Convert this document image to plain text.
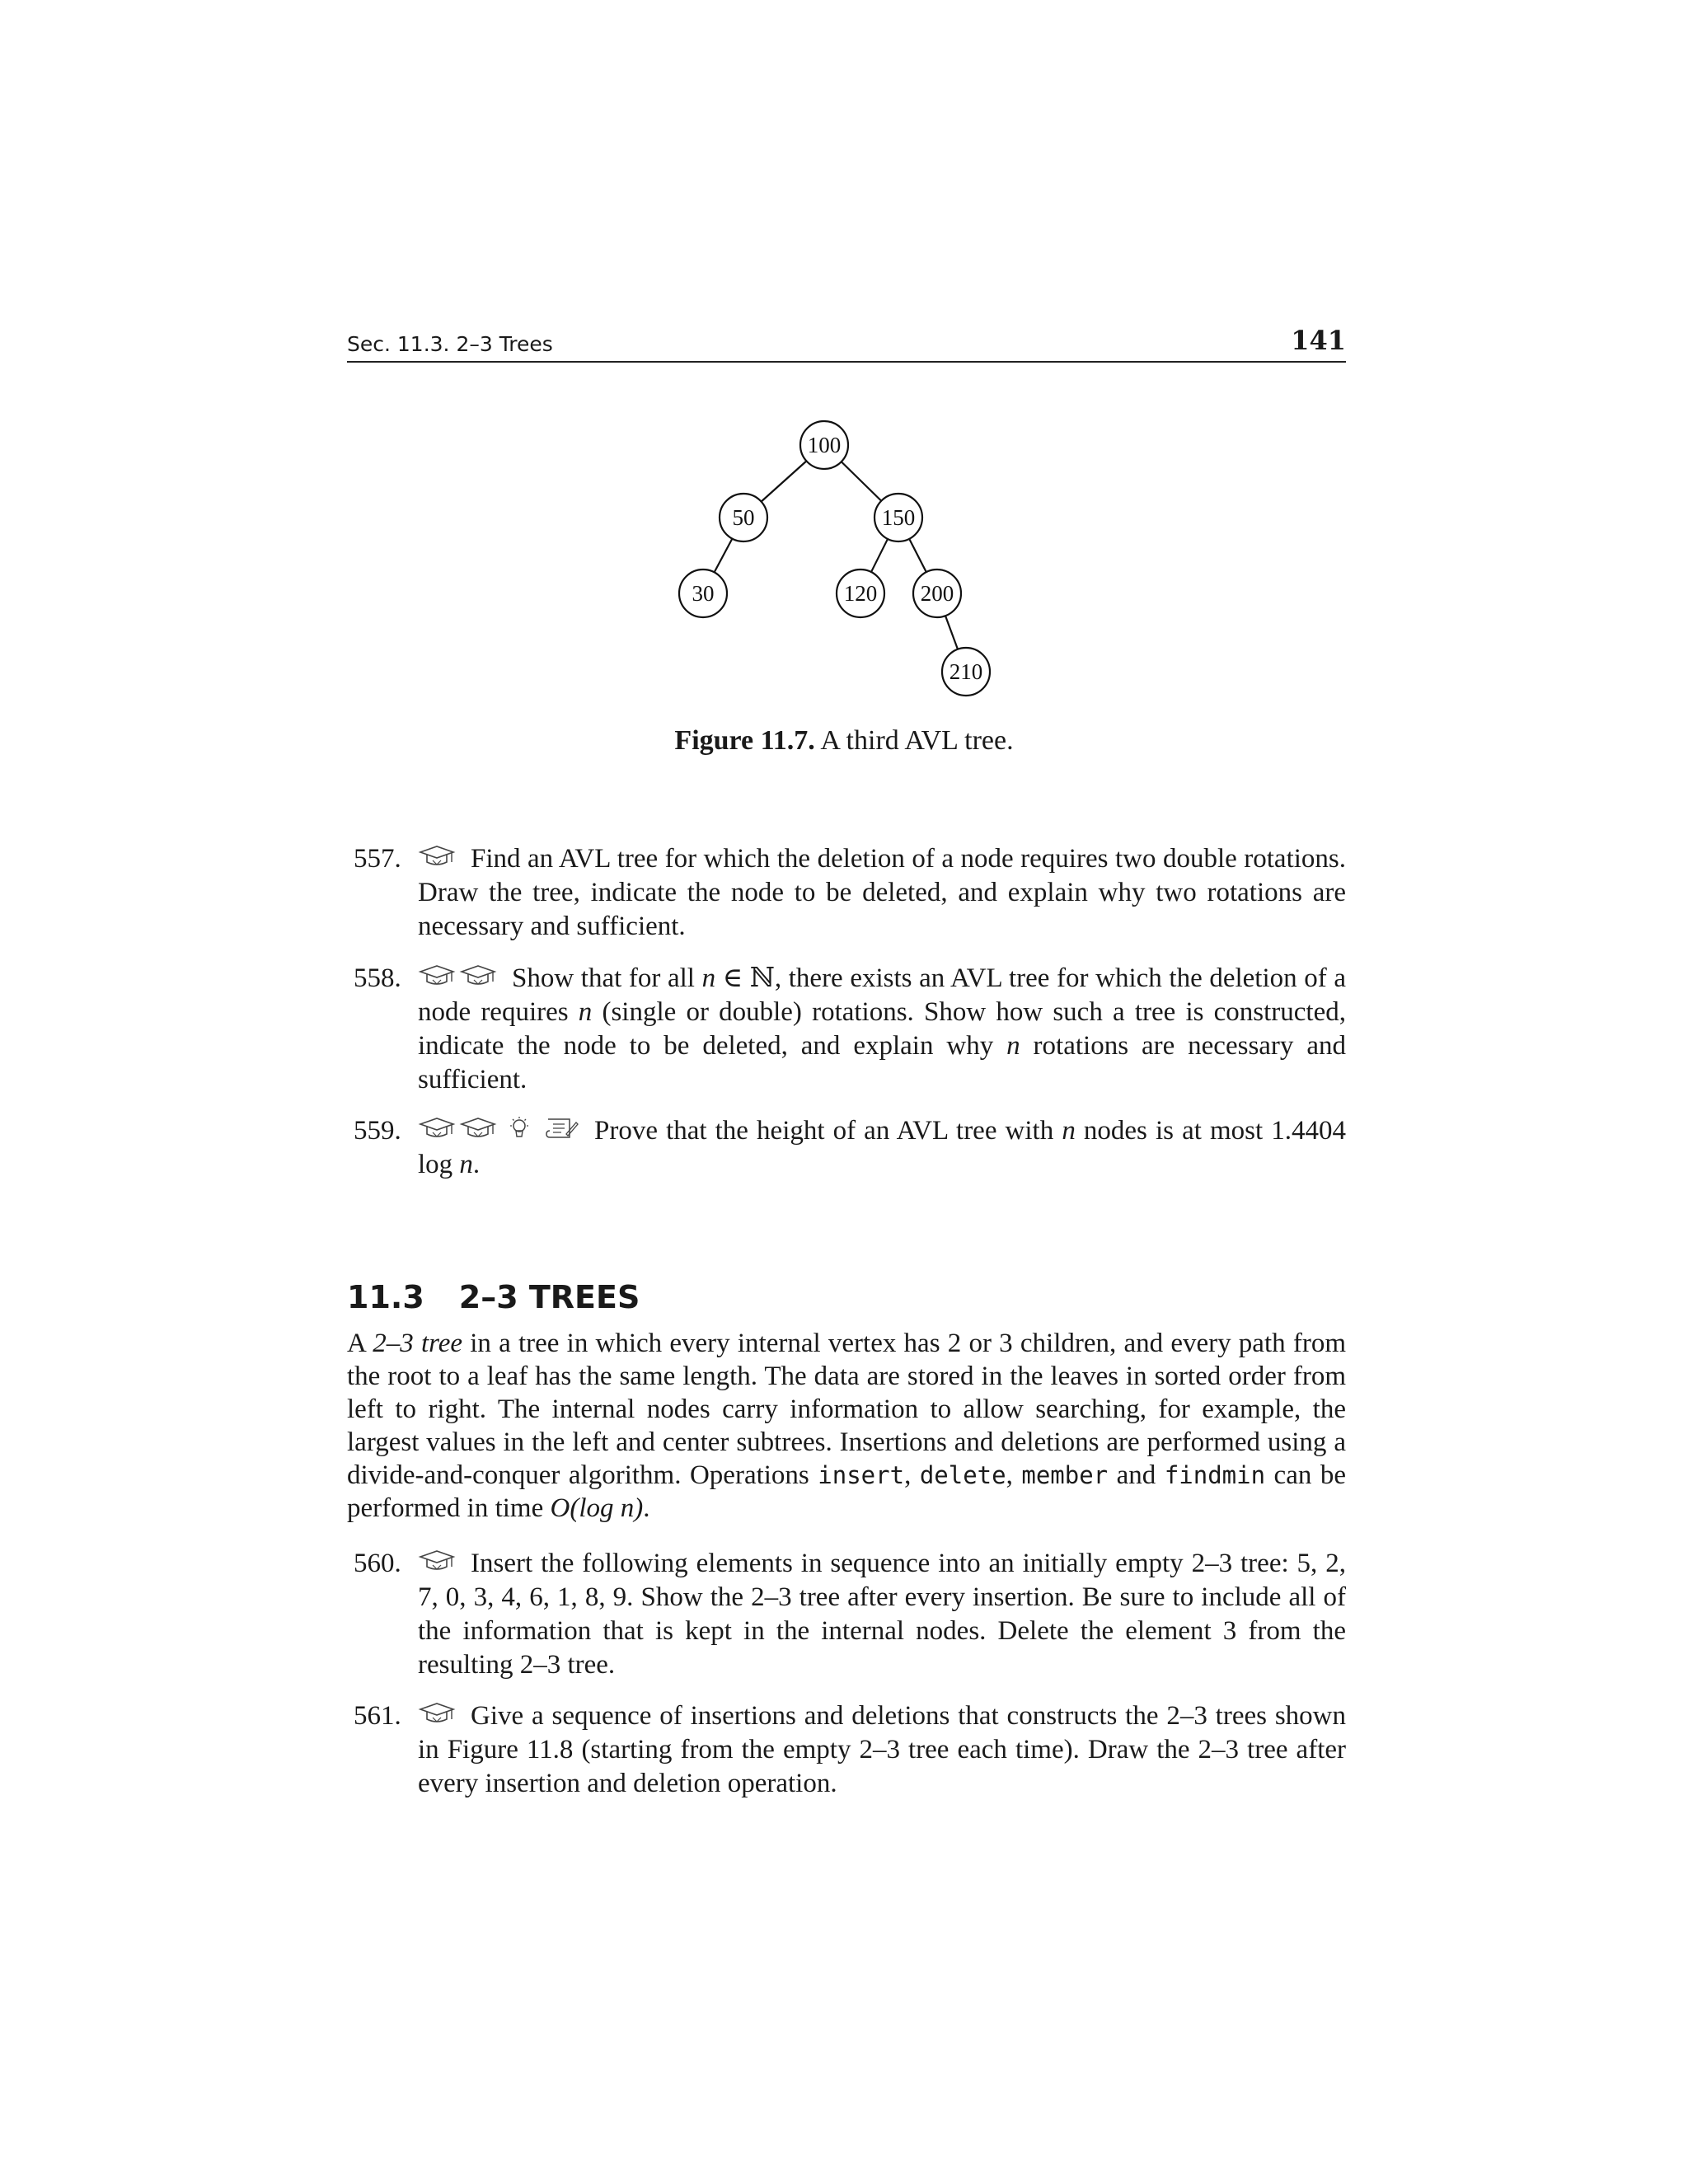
Sec. 11.3. 2–3 Trees	141
100
50	150
30	120 200
210
Figure 11.7. A third AVL tree.
557.	Find an AVL tree for which the deletion of a node requires two double rotations. Draw the tree, indicate the node to be deleted, and explain why two rotations are necessary and sufficient.
558.	Show that for all n ∈ ℕ, there exists an AVL tree for which the deletion of a node requires n (single or double) rotations. Show how such a tree is constructed, indicate the node to be deleted, and explain why n rotations are necessary and sufficient.
559.	Prove that the height of an AVL tree with n nodes is at most 1.4404 log n.
11.3 2–3 TREES
A 2–3 tree in a tree in which every internal vertex has 2 or 3 children, and every path from the root to a leaf has the same length. The data are stored in the leaves in sorted order from left to right. The internal nodes carry information to allow searching, for example, the largest values in the left and center subtrees. Insertions and deletions are performed using a divide-and-conquer algorithm. Operations insert, delete, member and findmin can be performed in time O(log n).
560.	Insert the following elements in sequence into an initially empty 2–3 tree: 5, 2, 7, 0, 3, 4, 6, 1, 8, 9. Show the 2–3 tree after every insertion. Be sure to include all of the information that is kept in the internal nodes. Delete the element 3 from the resulting 2–3 tree.
561.	Give a sequence of insertions and deletions that constructs the 2–3 trees shown in Figure 11.8 (starting from the empty 2–3 tree each time). Draw the 2–3 tree after every insertion and deletion operation.
